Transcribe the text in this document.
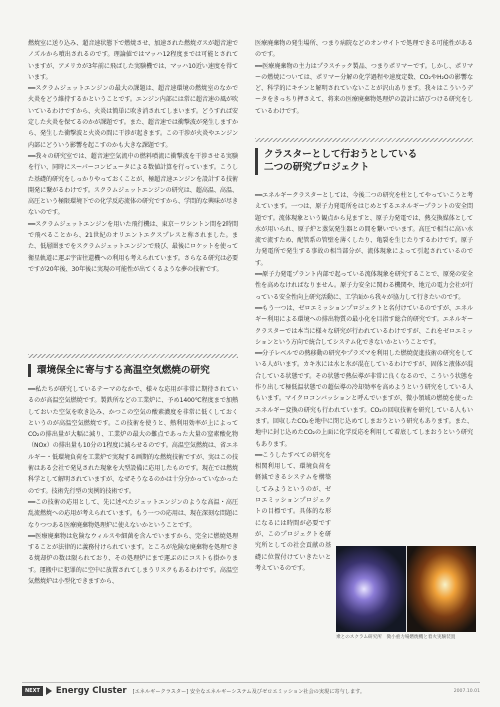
燃焼室に送り込み、超音速状態下で燃焼させ、加速された燃焼ガスが超音速でノズルから噴出されるのです。理論値ではマッハ12程度までは可能とされていますが、アメリカが3年前に飛ばした実験機では、マッハ10近い速度を得ています。

━━スクラムジェットエンジンの最大の課題は、超音速環境の燃焼室のなかで火炎をどう維持するかということです。エンジン内部には常に超音速の風が吹いているわけですから、火炎は簡単に吹き消されてしまいます。どうすれば安定した火炎を保てるのかが課題です。また、超音速では衝撃波が発生しますから、発生した衝撃波と火炎の間に干渉が起きます。この干渉が火炎やエンジン内部にどういう影響を起こすのかも大きな課題です。

━━我々の研究室では、超音速空気流中の燃料噴流に衝撃波を干渉させる実験を行い、同時にスーパーコンピュータによる数値計算を行っています。こうした基礎的研究をしっかりやっておくことが、極超音速エンジンを設計する技術開発に繋がるわけです。スクラムジェットエンジンの研究は、超高温、高温、高圧という極限環境下での化学反応流体の研究ですから、学問的な興味が尽きないのです。

━━スクラムジェットエンジンを用いた飛行機は、東京－ワシントン間を2時間で飛べることから、21世紀のオリエントエクスプレスと称されました。また、低層圏までをスクラムジェットエンジンで飛び、最後にロケットを使って衛星軌道に運ぶ宇宙往還機への利用も考えられています。さらなる研究は必要ですが20年後、30年後に実現の可能性が出てくるような夢の技術です。

環境保全に寄与する高温空気燃焼の研究

━━私たちが研究しているテーマのなかで、様々な応用が非常に期待されているのが高温空気燃焼です。製鉄所などの工業炉に、予め1400℃程度まで加熱しておいた空気を吹き込み、かつこの空気の酸素濃度を非常に低くしておくというのが高温空気燃焼です。この技術を使うと、熱利用効率が上によってCO₂の排出量が大幅に減り、工業炉の最大の難点であった大量の窒素酸化物（NOx）の排出量も10分の1程度に減らせるのです。高温空気燃焼は、省エネルギー・低環境負荷を工業炉で実現する画期的な燃焼技術ですが、実はこの技術はある会社で発見された現象を大型設備に応用したものです。現在では燃焼科学として解明されていますが、なぜそうなるのかは十分分かっていなかったのです。技術先行型の実例的技術です。

━━この技術の応用として、先に述べたジェットエンジンのような高温・高圧乱流燃焼への応用が考えられています。もう一つの応用は、現在深刻な問題になりつつある医療廃棄物処理炉に使えないかということです。

━━医療廃棄物は危険なウィルスや細菌を含んでいますから、完全に燃焼処理することが法律的に義務付けられています。ところが危険な廃棄物を処理できる焼却炉の数は限られており、その処理炉にまで運ぶのにコストも掛かります。運搬中に犯罪的に空中に放置されてしまうリスクもあるわけです。高温空気燃焼炉は小型化できますから、

医療廃棄物の発生場所、つまり病院などのオンサイトで処理できる可能性があるのです。

━━医療廃棄物の主力はプラスチック製品、つまりポリマーです。しかし、ポリマーの燃焼については、ポリマー分解の化学過程や速度定数、CO₂やH₂Oの影響など、科学的にキチンと解明されていないことが沢山あります。我々はこういうデータをきっちり押さえて、将来の医療廃棄物処理炉の設計に結びつける研究をしているわけです。

クラスターとして行おうとしている
二つの研究プロジェクト

━━エネルギークラスターとしては、今後二つの研究を柱としてやっていこうと考えています。一つは、原子力発電所をはじめとするエネルギープラントの安全問題です。流体現象という観点から見ますと、原子力発電では、熱交換媒体として水が用いられ、原子炉と蒸気発生器との間を繋いでいます。高圧で相当に高い水流で流すため、配管系の管壁を薄くしたり、亀裂を生じたりするわけです。原子力発電所で発生する事故の相当部分が、流体現象によって引起されているのです。

━━原子力発電プラント内部で起っている流体現象を研究することで、原発の安全性を高めなければなりません。原子力安全に関わる機関や、地元の電力会社が行っている安全性向上研究活動に、工学面から我々が協力して行きたいのです。

━━もう一つは、ゼロエミッションプロジェクトと名付けているのですが、エネルギー利用による環境への排出物質の最小化を目指す総合的研究です。エネルギークラスターでは本当に様々な研究が行われているわけですが、これをゼロエミッションという方向で統合してシステム化できないかということです。

━━分子レベルでの熱移動の研究やプラズマを利用した燃焼促進技術の研究をしている人がいます。カキ氷には水と氷が混在しているわけですが、固体と液体が混合している状態です。その状態で熱伝導が非常に良くなるので、こういう状態を作り出して極低温状態での超伝導の冷却効率を高めようという研究をしている人もいます。マイクロコンバッションと呼んでいますが、微小領域の燃焼を使ったエネルギー変換の研究も行われています。CO₂の回収技術を研究している人もいます。回収したCO₂を地中に閉じ込めてしまおうという研究もあります。また、地中に封じ込めたCO₂の上面に化学反応を利用して着底してしまおうという研究もあります。

━━こうしたすべての研究を相関利用して、環境負荷を軽減できるシステムを構築してみようというのが、ゼロエミッションプロジェクトの目標です。具体的な形になるには時間が必要ですが、このプロジェクトを研究所としての社会貢献の基礎に位置付けていきたいと考えているのです。

乗とのスクラム研究所　微小重力場燃焼機と着火実験装置
NEXT	Energy Cluster [エネルギークラスター] 安全なエネルギーシステム及びゼロエミッション社会の実現に寄与します。	2007.10.01
